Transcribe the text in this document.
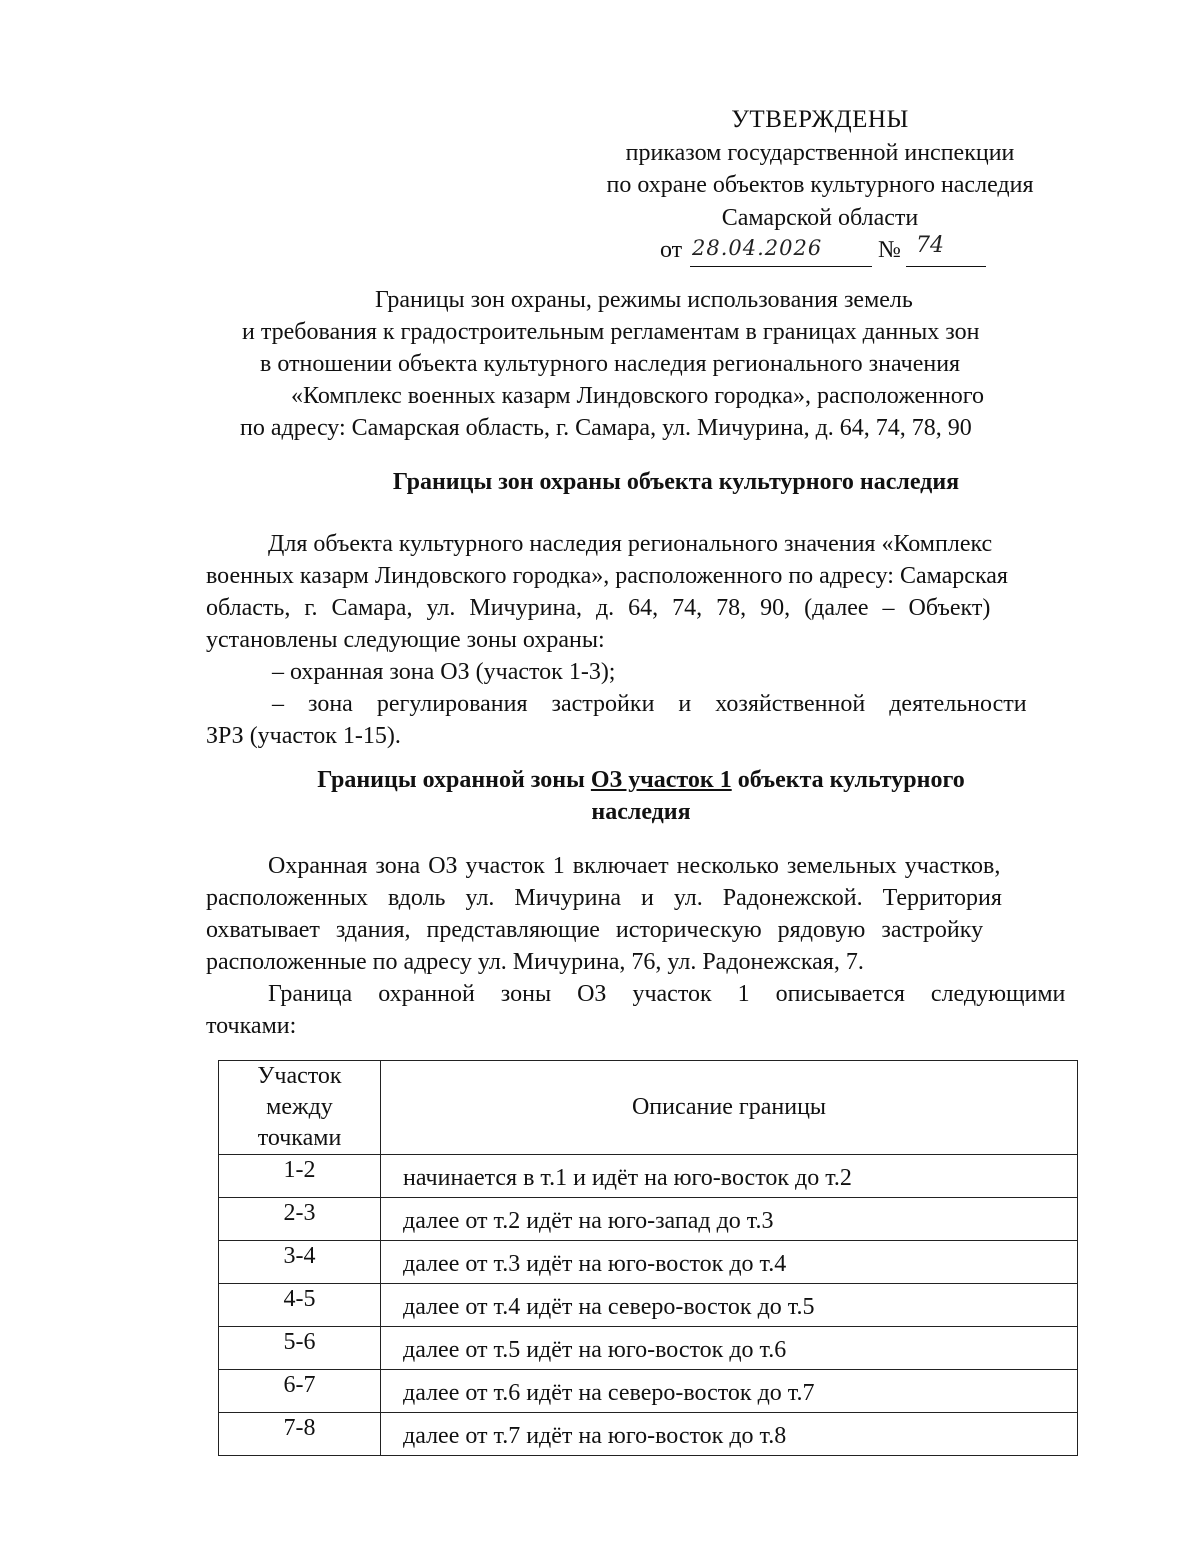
УТВЕРЖДЕНЫ
приказом государственной инспекции
по охране объектов культурного наследия
Самарской области
от 28.04.2026 № 74
Границы зон охраны, режимы использования земель
и требования к градостроительным регламентам в границах данных зон
в отношении объекта культурного наследия регионального значения
«Комплекс военных казарм Линдовского городка», расположенного
по адресу: Самарская область, г. Самара, ул. Мичурина, д. 64, 74, 78, 90
Границы зон охраны объекта культурного наследия
Для объекта культурного наследия регионального значения «Комплекс
военных казарм Линдовского городка», расположенного по адресу: Самарская
область, г. Самара, ул. Мичурина, д. 64, 74, 78, 90, (далее – Объект)
установлены следующие зоны охраны:
– охранная зона ОЗ (участок 1-3);
– зона регулирования застройки и хозяйственной деятельности
ЗРЗ (участок 1-15).
Границы охранной зоны ОЗ участок 1 объекта культурного
наследия
Охранная зона ОЗ участок 1 включает несколько земельных участков,
расположенных вдоль ул. Мичурина и ул. Радонежской. Территория
охватывает здания, представляющие историческую рядовую застройку
расположенные по адресу ул. Мичурина, 76, ул. Радонежская, 7.
Граница охранной зоны ОЗ участок 1 описывается следующими
точками:
Участок
между
точками	Описание границы
1-2	начинается в т.1 и идёт на юго-восток до т.2
2-3	далее от т.2 идёт на юго-запад до т.3
3-4	далее от т.3 идёт на юго-восток до т.4
4-5	далее от т.4 идёт на северо-восток до т.5
5-6	далее от т.5 идёт на юго-восток до т.6
6-7	далее от т.6 идёт на северо-восток до т.7
7-8	далее от т.7 идёт на юго-восток до т.8
